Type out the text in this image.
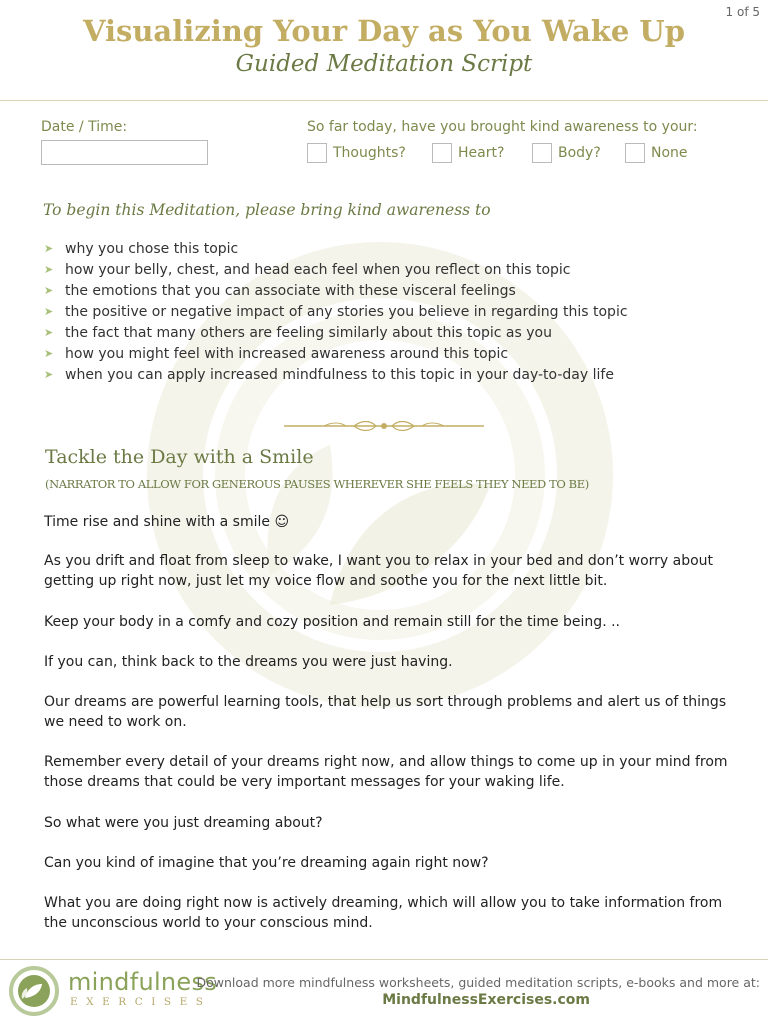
1 of 5
Visualizing Your Day as You Wake Up
Guided Meditation Script
Date / Time:	So far today, have you brought kind awareness to your:
Thoughts?	Heart?	Body?	None
To begin this Meditation, please bring kind awareness to
➤ why you chose this topic
➤ how your belly, chest, and head each feel when you reflect on this topic
➤ the emotions that you can associate with these visceral feelings
➤ the positive or negative impact of any stories you believe in regarding this topic
➤ the fact that many others are feeling similarly about this topic as you
➤ how you might feel with increased awareness around this topic
➤ when you can apply increased mindfulness to this topic in your day-to-day life
Tackle the Day with a Smile
(NARRATOR TO ALLOW FOR GENEROUS PAUSES WHEREVER SHE FEELS THEY NEED TO BE)

Time rise and shine with a smile ☺

As you drift and float from sleep to wake, I want you to relax in your bed and don’t worry about getting up right now, just let my voice flow and soothe you for the next little bit.

Keep your body in a comfy and cozy position and remain still for the time being. ..

If you can, think back to the dreams you were just having.

Our dreams are powerful learning tools, that help us sort through problems and alert us of things we need to work on.

Remember every detail of your dreams right now, and allow things to come up in your mind from those dreams that could be very important messages for your waking life.

So what were you just dreaming about?

Can you kind of imagine that you’re dreaming again right now?

What you are doing right now is actively dreaming, which will allow you to take information from the unconscious world to your conscious mind.

mindfulness
EXERCISES
Download more mindfulness worksheets, guided meditation scripts, e-books and more at:
MindfulnessExercises.com
